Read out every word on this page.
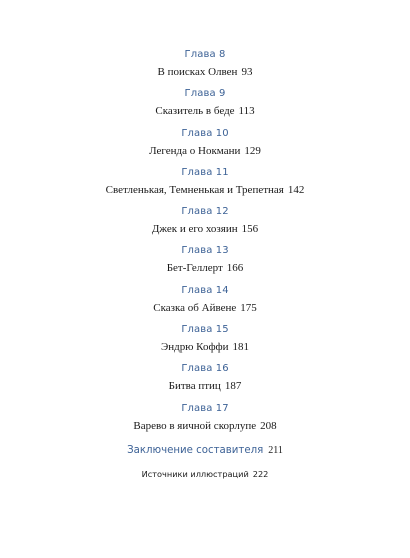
Глава 8
В поисках Олвен 93
Глава 9
Сказитель в беде 113
Глава 10
Легенда о Нокмани 129
Глава 11
Светленькая, Темненькая и Трепетная 142
Глава 12
Джек и его хозяин 156
Глава 13
Бет-Геллерт 166
Глава 14
Сказка об Айвене 175
Глава 15
Эндрю Коффи 181
Глава 16
Битва птиц 187
Глава 17
Варево в яичной скорлупе 208
Заключение составителя 211
Источники иллюстраций 222
